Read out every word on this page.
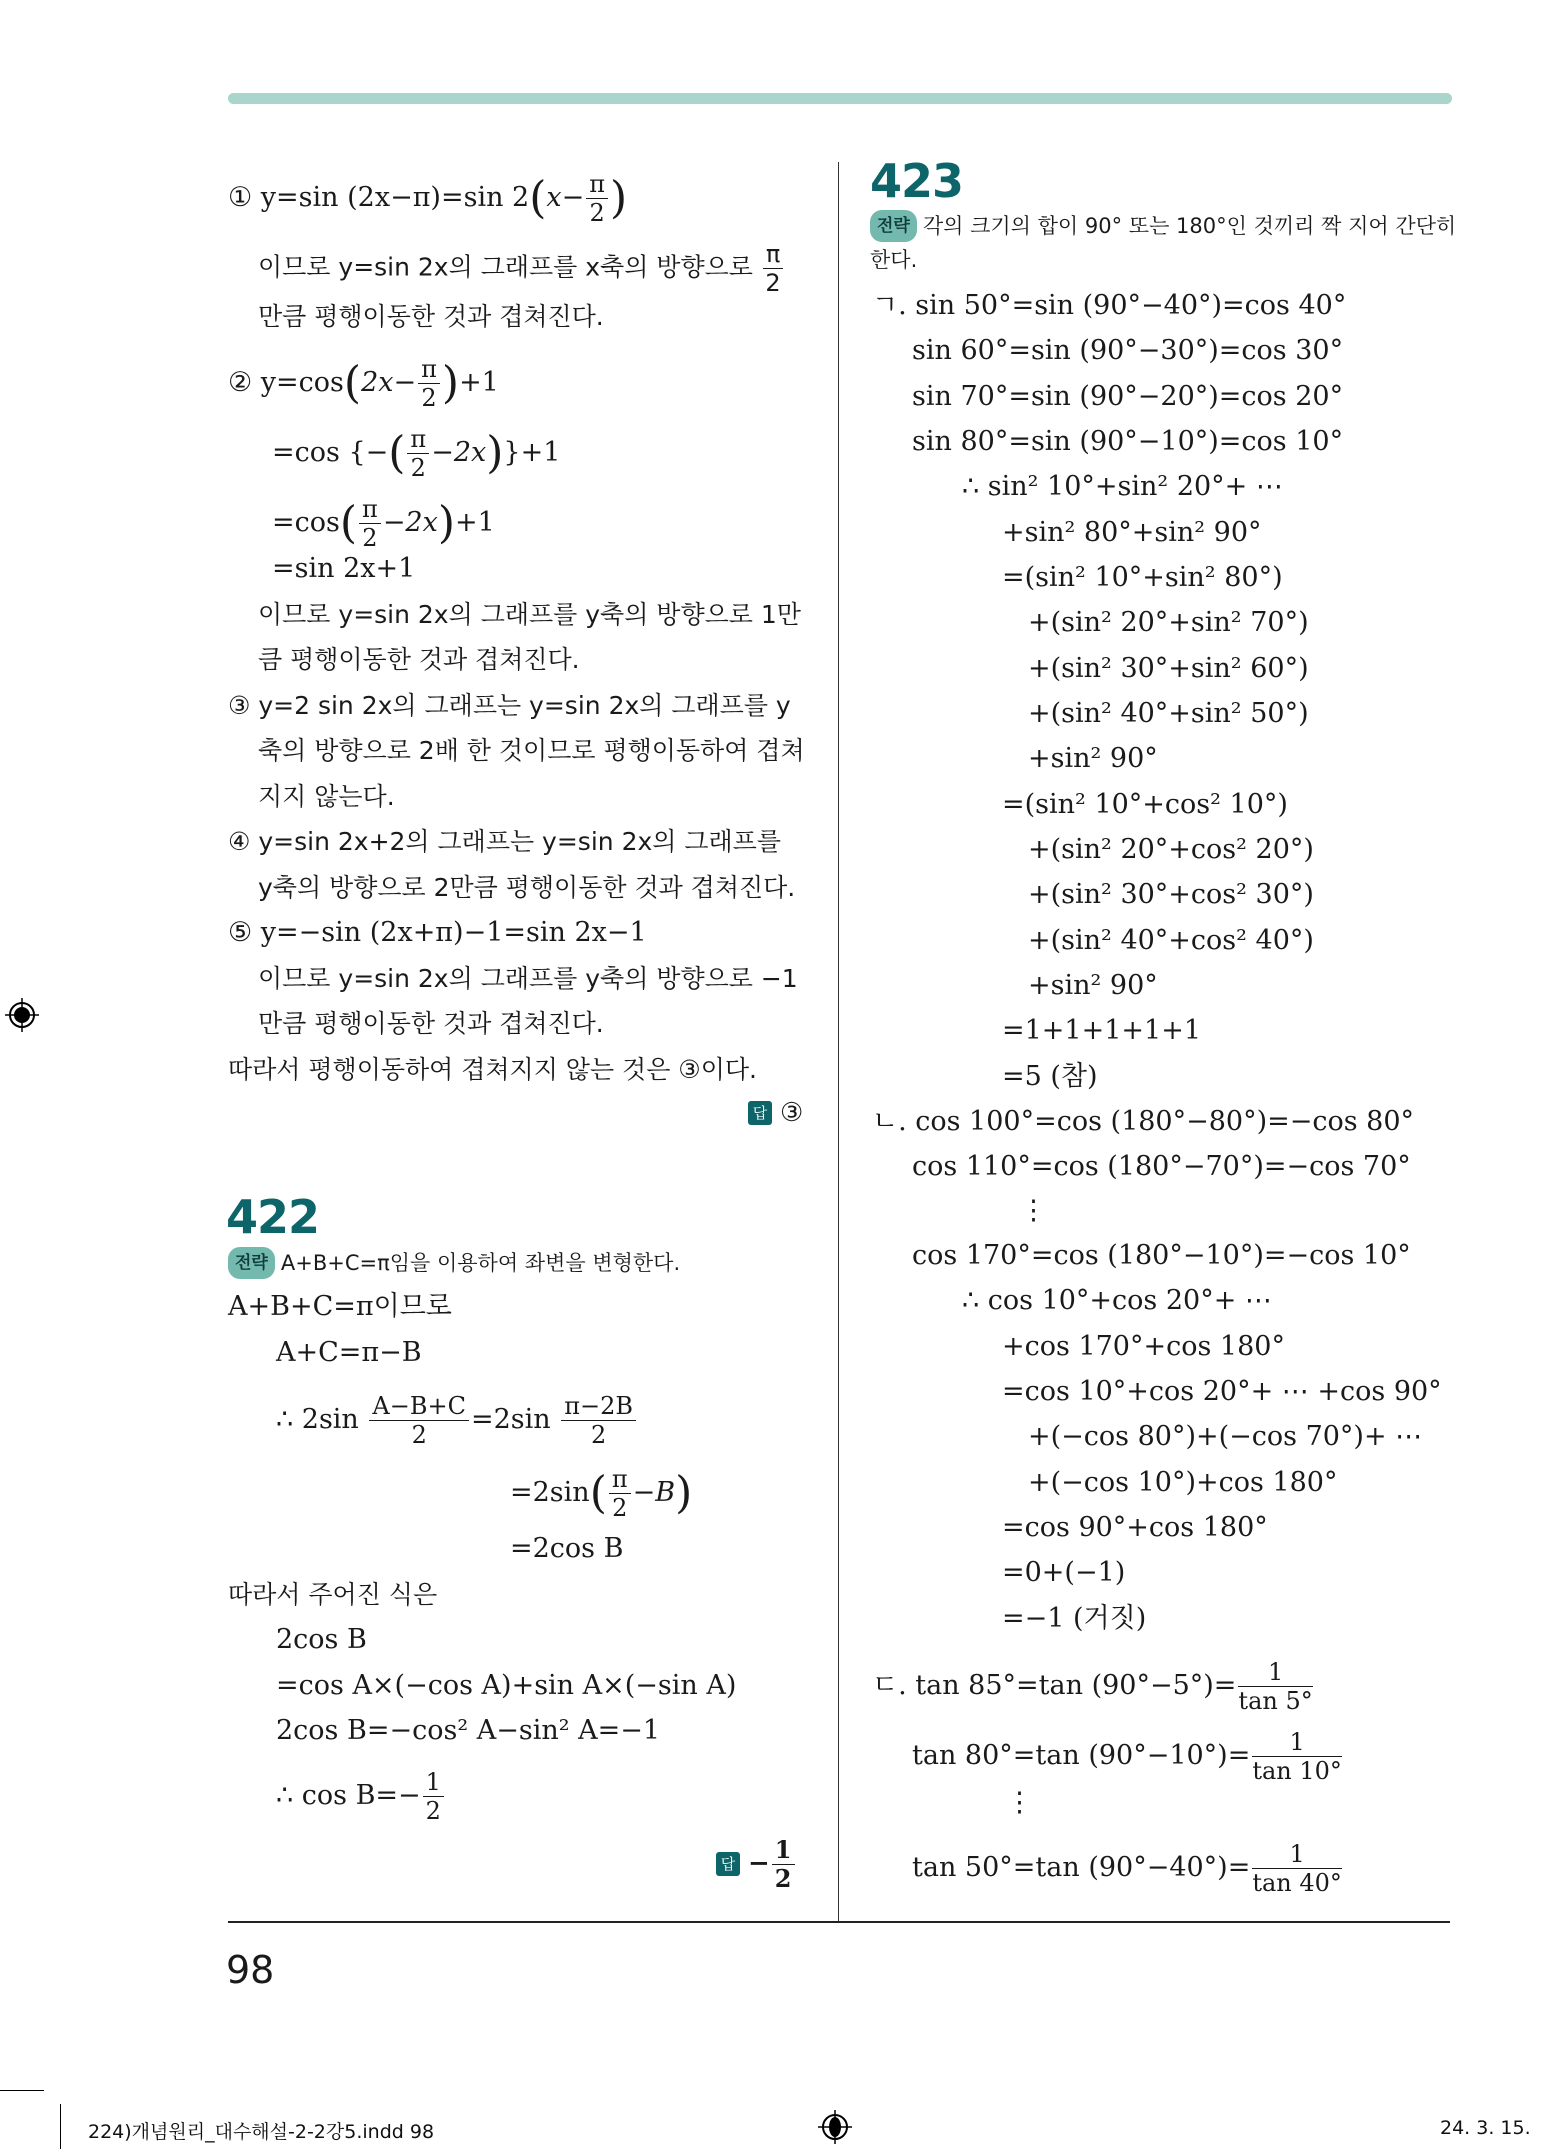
① y=sin (2x−π)=sin $2(x- \frac{\pi}{2}$ )
이므로 y=sin 2x의 그래프를 x축의 방향으로 $\frac{\pi}{2}$
만큼 평행이동한 것과 겹쳐진다.
② $y=\cos(2x- \frac{\pi}{2} )+1$
=cos {−( $\frac{\pi}{2} -2x)\}+1$
$=\cos( \frac{\pi}{2} -2x)+1$
=sin 2x+1
이므로 y=sin 2x의 그래프를 y축의 방향으로 1만
큼 평행이동한 것과 겹쳐진다.
③ y=2 sin 2x의 그래프는 y=sin 2x의 그래프를 y
축의 방향으로 2배 한 것이므로 평행이동하여 겹쳐
지지 않는다.
④ y=sin 2x+2의 그래프는 y=sin 2x의 그래프를
y축의 방향으로 2만큼 평행이동한 것과 겹쳐진다.
⑤ y=−sin (2x+π)−1=sin 2x−1
이므로 y=sin 2x의 그래프를 y축의 방향으로 −1
만큼 평행이동한 것과 겹쳐진다.
따라서 평행이동하여 겹쳐지지 않는 것은 ③이다.
답 ③
422
전략 A+B+C=π임을 이용하여 좌변을 변형한다.
A+B+C=π이므로
A+C=π−B
∴ $2\sin \frac{A-B+C}{2} =2\sin \frac{\pi-2B}{2}$
$=2\sin( \frac{\pi}{2} -B)$
=2cos B
따라서 주어진 식은
2cos B
=cos A×(−cos A)+sin A×(−sin A)
2cos B=−cos² A−sin² A=−1
∴ $\cos B=- \frac{1}{2}$
답 − $\frac{1}{2}$
423
전략 각의 크기의 합이 90° 또는 180°인 것끼리 짝 지어 간단히
한다.
ㄱ. sin 50°=sin (90°−40°)=cos 40°
sin 60°=sin (90°−30°)=cos 30°
sin 70°=sin (90°−20°)=cos 20°
sin 80°=sin (90°−10°)=cos 10°
∴ sin² 10°+sin² 20°+ ⋯
+sin² 80°+sin² 90°
=(sin² 10°+sin² 80°)
+(sin² 20°+sin² 70°)
+(sin² 30°+sin² 60°)
+(sin² 40°+sin² 50°)
+sin² 90°
=(sin² 10°+cos² 10°)
+(sin² 20°+cos² 20°)
+(sin² 30°+cos² 30°)
+(sin² 40°+cos² 40°)
+sin² 90°
=1+1+1+1+1
=5 (참)
ㄴ. cos 100°=cos (180°−80°)=−cos 80°
cos 110°=cos (180°−70°)=−cos 70°
⋮
cos 170°=cos (180°−10°)=−cos 10°
∴ cos 10°+cos 20°+ ⋯
+cos 170°+cos 180°
=cos 10°+cos 20°+ ⋯ +cos 90°
+(−cos 80°)+(−cos 70°)+ ⋯
+(−cos 10°)+cos 180°
=cos 90°+cos 180°
=0+(−1)
=−1 (거짓)
ㄷ. tan 85°=tan $(90^\circ-5^\circ)= \frac{1}{\tan 5^\circ}$
tan 80°=tan $(90^\circ-10^\circ)= \frac{1}{\tan 10^\circ}$
⋮
tan 50°=tan $(90^\circ-40^\circ)= \frac{1}{\tan 40^\circ}$
98
224)개념원리_대수해설-2-2강5.indd 98	24. 3. 15.
